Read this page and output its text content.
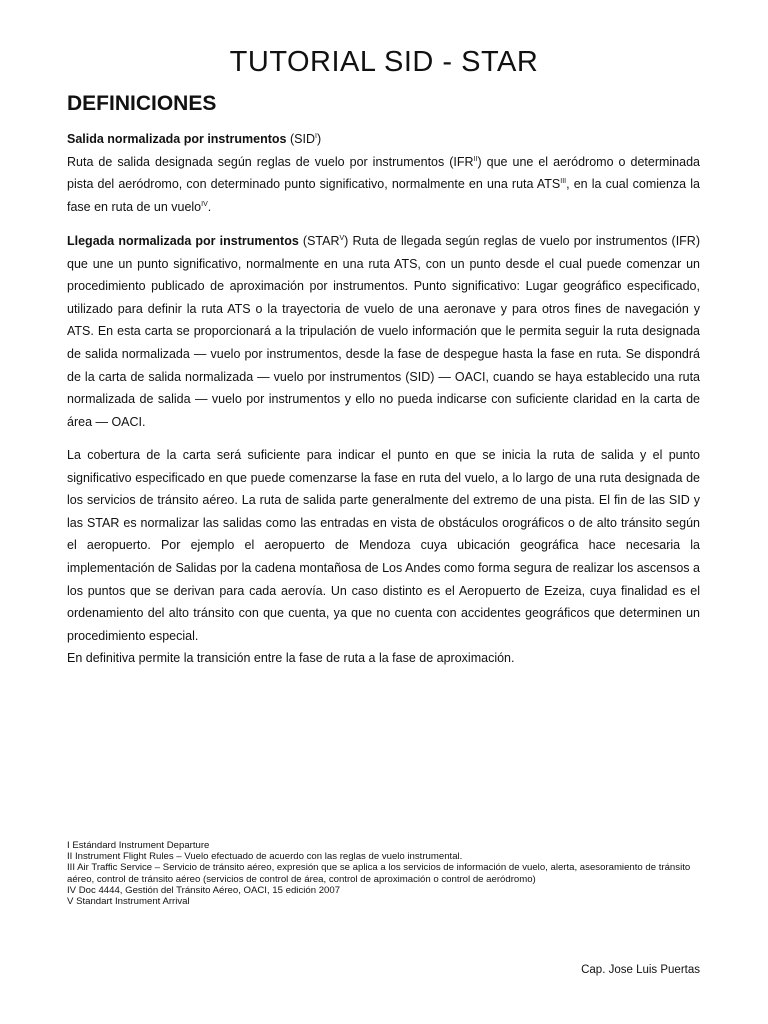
TUTORIAL SID - STAR
DEFINICIONES

Salida normalizada por instrumentos $(SID^I)$

Ruta de salida designada según reglas de vuelo por instrumentos $(IFR^{II})$ que une el aeródromo o determinada pista del aeródromo, con determinado punto significativo, normalmente en una ruta $ATS^{III}$, en la cual comienza la fase en ruta de un vuelo$^{IV}$.

Llegada normalizada por instrumentos $(STAR^V)$ Ruta de llegada según reglas de vuelo por instrumentos (IFR) que une un punto significativo, normalmente en una ruta ATS, con un punto desde el cual puede comenzar un procedimiento publicado de aproximación por instrumentos. Punto significativo: Lugar geográfico especificado, utilizado para definir la ruta ATS o la trayectoria de vuelo de una aeronave y para otros fines de navegación y ATS. En esta carta se proporcionará a la tripulación de vuelo información que le permita seguir la ruta designada de salida normalizada — vuelo por instrumentos, desde la fase de despegue hasta la fase en ruta. Se dispondrá de la carta de salida normalizada — vuelo por instrumentos (SID) — OACI, cuando se haya establecido una ruta normalizada de salida — vuelo por instrumentos y ello no pueda indicarse con suficiente claridad en la carta de área — OACI.

La cobertura de la carta será suficiente para indicar el punto en que se inicia la ruta de salida y el punto significativo especificado en que puede comenzarse la fase en ruta del vuelo, a lo largo de una ruta designada de los servicios de tránsito aéreo. La ruta de salida parte generalmente del extremo de una pista. El fin de las SID y las STAR es normalizar las salidas como las entradas en vista de obstáculos orográficos o de alto tránsito según el aeropuerto. Por ejemplo el aeropuerto de Mendoza cuya ubicación geográfica hace necesaria la implementación de Salidas por la cadena montañosa de Los Andes como forma segura de realizar los ascensos a los puntos que se derivan para cada aerovía. Un caso distinto es el Aeropuerto de Ezeiza, cuya finalidad es el ordenamiento del alto tránsito con que cuenta, ya que no cuenta con accidentes geográficos que determinen un procedimiento especial.

En definitiva permite la transición entre la fase de ruta a la fase de aproximación.

I Estándard Instrument Departure
II Instrument Flight Rules – Vuelo efectuado de acuerdo con las reglas de vuelo instrumental.
III Air Traffic Service – Servicio de tránsito aéreo, expresión que se aplica a los servicios de información de vuelo, alerta, asesoramiento de tránsito aéreo, control de tránsito aéreo (servicios de control de área, control de aproximación o control de aeródromo)
IV Doc 4444, Gestión del Tránsito Aéreo, OACI, 15 edición 2007
V Standart Instrument Arrival
Cap. Jose Luis Puertas
